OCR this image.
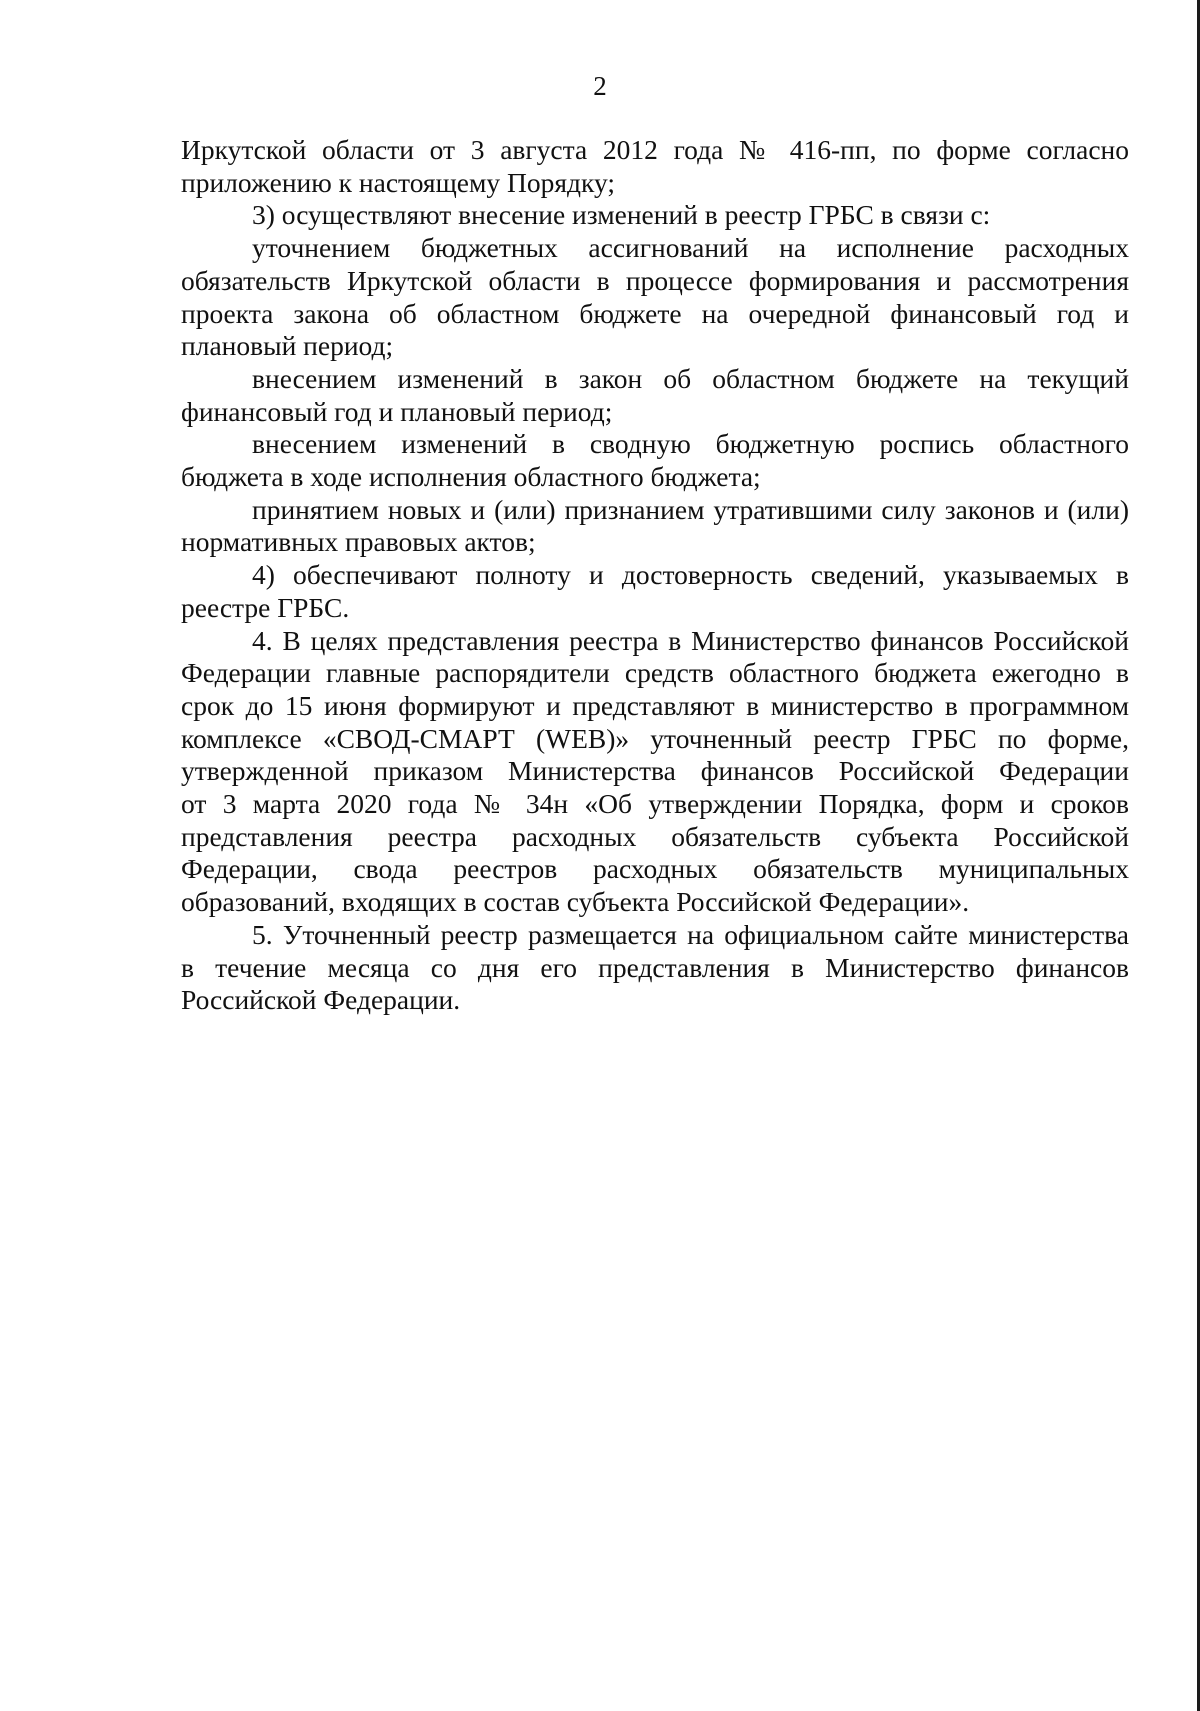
2
Иркутской области от 3 августа 2012 года № 416-пп, по форме согласно
приложению к настоящему Порядку;
3) осуществляют внесение изменений в реестр ГРБС в связи с:
уточнением бюджетных ассигнований на исполнение расходных
обязательств Иркутской области в процессе формирования и рассмотрения
проекта закона об областном бюджете на очередной финансовый год и
плановый период;
внесением изменений в закон об областном бюджете на текущий
финансовый год и плановый период;
внесением изменений в сводную бюджетную роспись областного
бюджета в ходе исполнения областного бюджета;
принятием новых и (или) признанием утратившими силу законов и (или)
нормативных правовых актов;
4) обеспечивают полноту и достоверность сведений, указываемых в
реестре ГРБС.
4. В целях представления реестра в Министерство финансов Российской
Федерации главные распорядители средств областного бюджета ежегодно в
срок до 15 июня формируют и представляют в министерство в программном
комплексе «СВОД-СМАРТ (WEB)» уточненный реестр ГРБС по форме,
утвержденной приказом Министерства финансов Российской Федерации
от 3 марта 2020 года № 34н «Об утверждении Порядка, форм и сроков
представления реестра расходных обязательств субъекта Российской
Федерации, свода реестров расходных обязательств муниципальных
образований, входящих в состав субъекта Российской Федерации».
5. Уточненный реестр размещается на официальном сайте министерства
в течение месяца со дня его представления в Министерство финансов
Российской Федерации.
